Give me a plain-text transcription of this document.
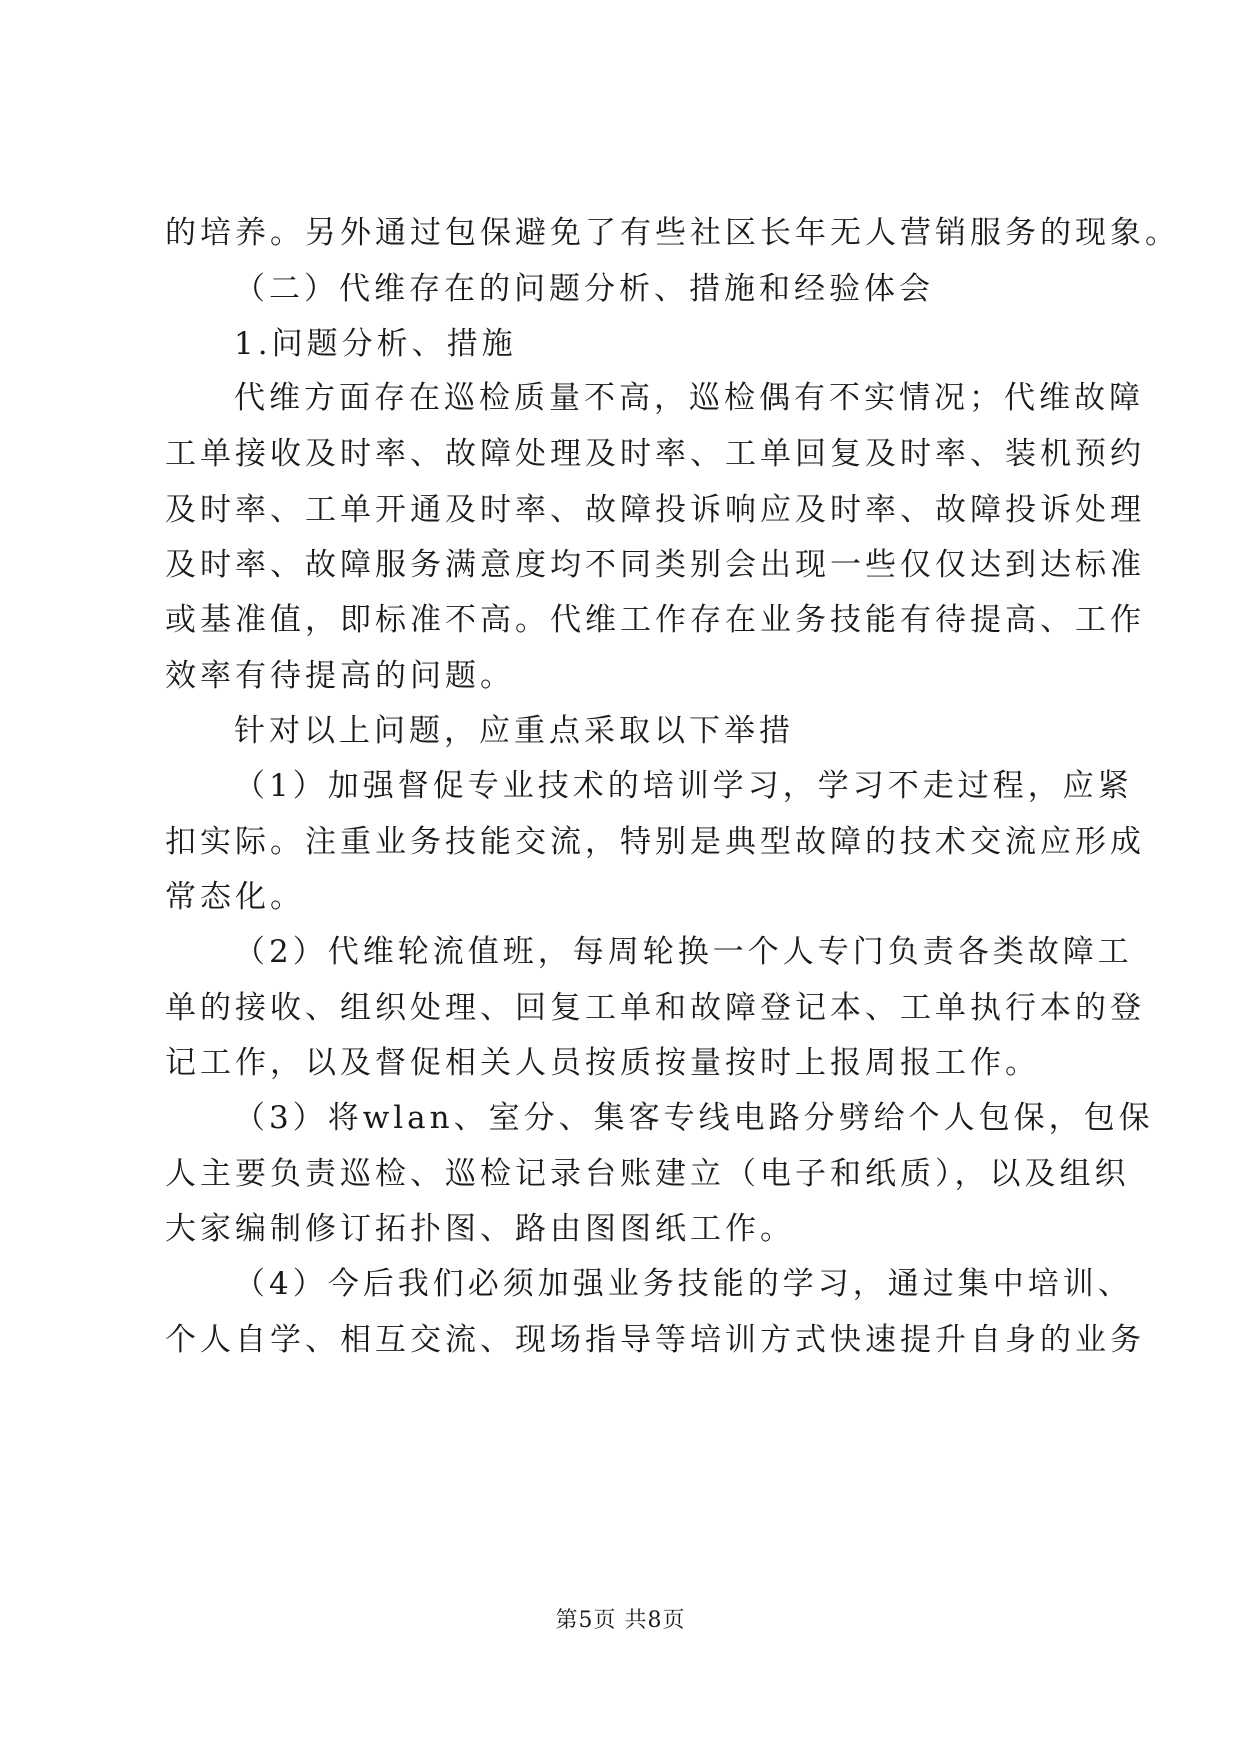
的培养。另外通过包保避免了有些社区长年无人营销服务的现象。
（二）代维存在的问题分析、措施和经验体会
1.问题分析、措施
代维方面存在巡检质量不高，巡检偶有不实情况；代维故障
工单接收及时率、故障处理及时率、工单回复及时率、装机预约
及时率、工单开通及时率、故障投诉响应及时率、故障投诉处理
及时率、故障服务满意度均不同类别会出现一些仅仅达到达标准
或基准值，即标准不高。代维工作存在业务技能有待提高、工作
效率有待提高的问题。
针对以上问题，应重点采取以下举措
（1）加强督促专业技术的培训学习，学习不走过程，应紧
扣实际。注重业务技能交流，特别是典型故障的技术交流应形成
常态化。
（2）代维轮流值班，每周轮换一个人专门负责各类故障工
单的接收、组织处理、回复工单和故障登记本、工单执行本的登
记工作，以及督促相关人员按质按量按时上报周报工作。
（3）将wlan、室分、集客专线电路分劈给个人包保，包保
人主要负责巡检、巡检记录台账建立（电子和纸质），以及组织
大家编制修订拓扑图、路由图图纸工作。
（4）今后我们必须加强业务技能的学习，通过集中培训、
个人自学、相互交流、现场指导等培训方式快速提升自身的业务
第5页 共8页
